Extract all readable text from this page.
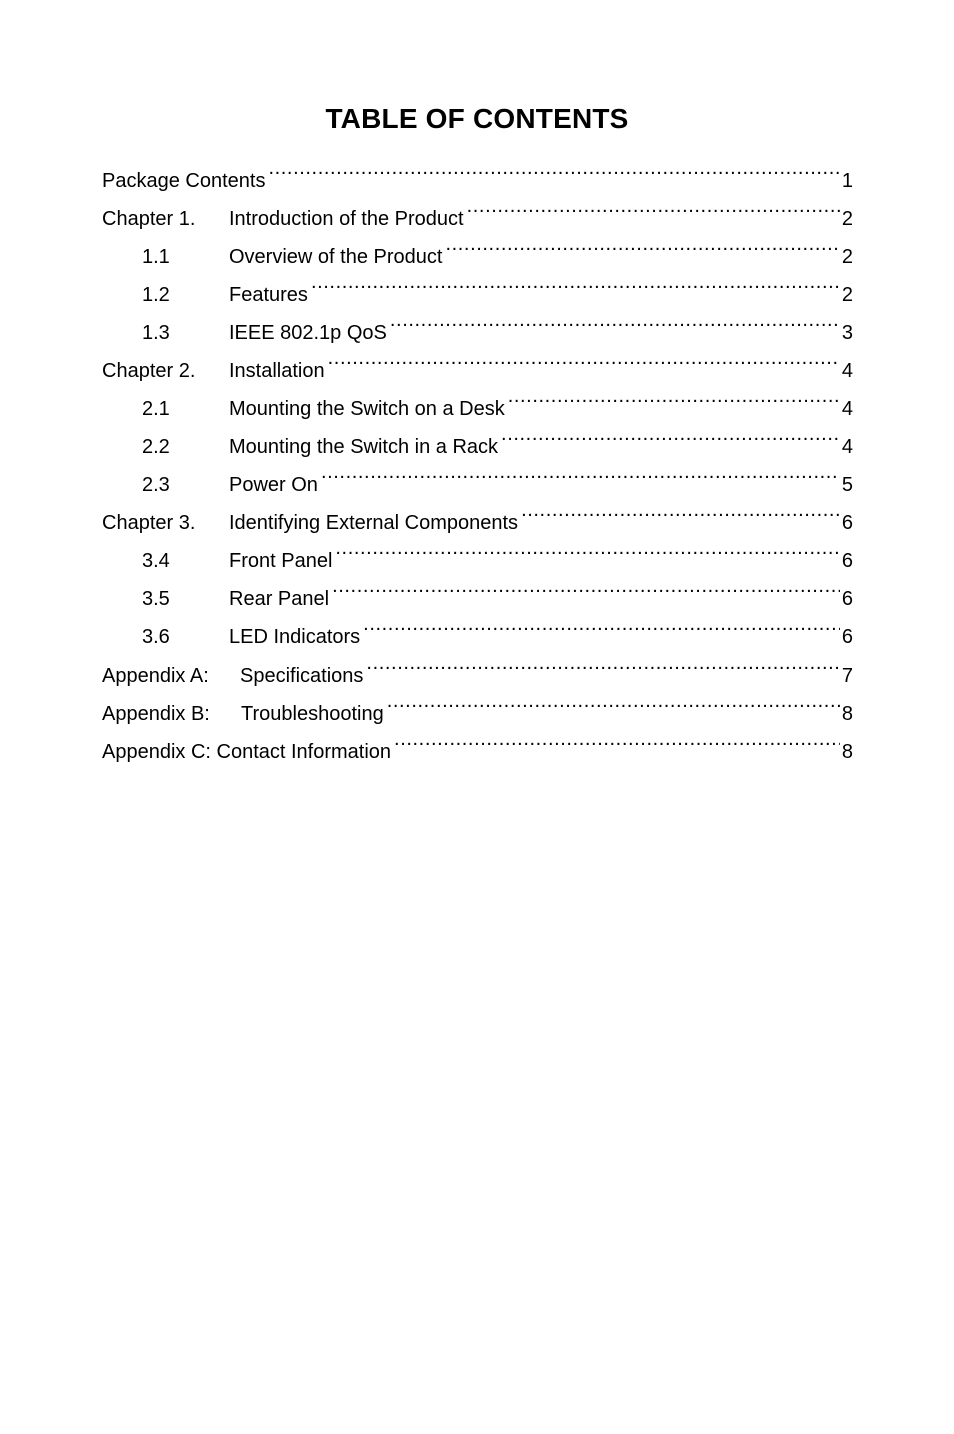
TABLE OF CONTENTS
Package Contents .....	1
Chapter 1.	Introduction of the Product .....	2
1.1	Overview of the Product .....	2
1.2	Features .....	2
1.3	IEEE 802.1p QoS .....	3
Chapter 2.	Installation .....	4
2.1	Mounting the Switch on a Desk .....	4
2.2	Mounting the Switch in a Rack .....	4
2.3	Power On .....	5
Chapter 3.	Identifying External Components .....	6
3.4	Front Panel .....	6
3.5	Rear Panel .....	6
3.6	LED Indicators .....	6
Appendix A:	Specifications .....	7
Appendix B:	Troubleshooting .....	8
Appendix C: Contact Information .....	8
